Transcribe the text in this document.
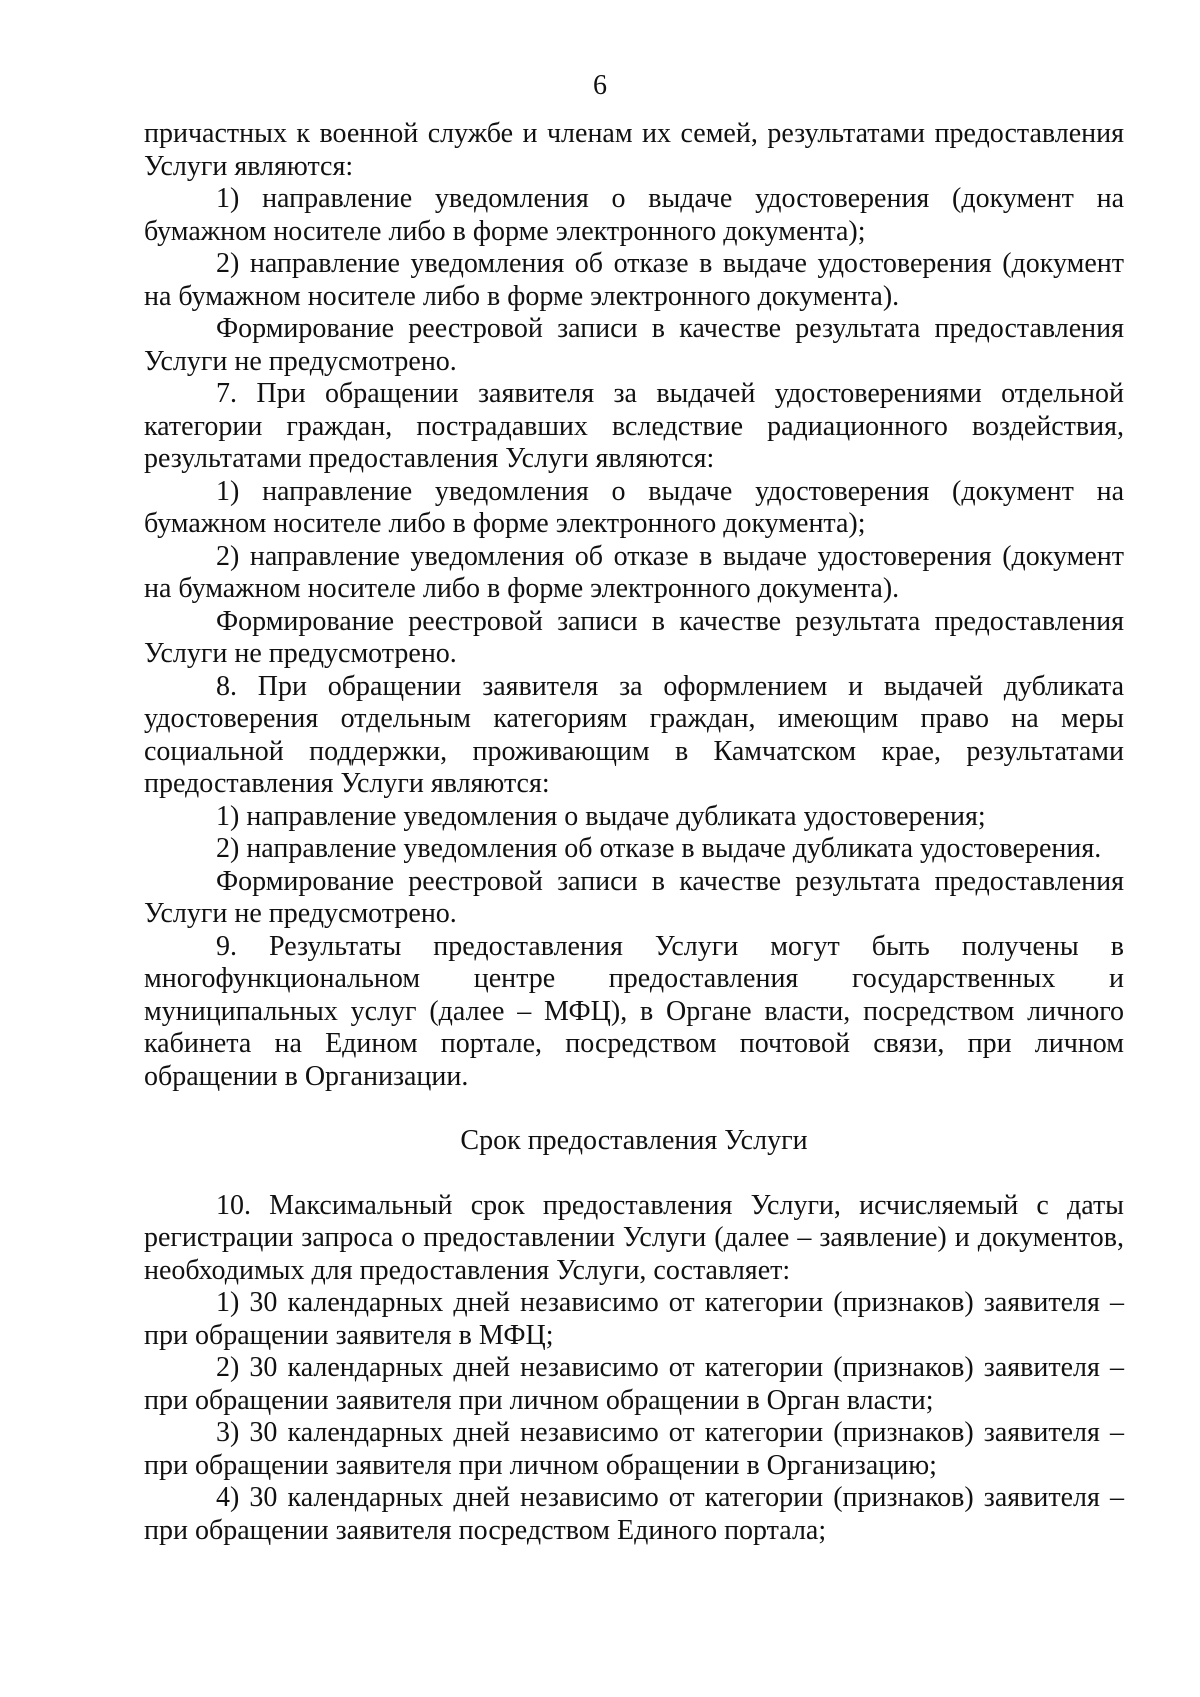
6

причастных к военной службе и членам их семей, результатами предоставления Услуги являются:

1) направление уведомления о выдаче удостоверения (документ на бумажном носителе либо в форме электронного документа);

2) направление уведомления об отказе в выдаче удостоверения (документ на бумажном носителе либо в форме электронного документа).

Формирование реестровой записи в качестве результата предоставления Услуги не предусмотрено.

7. При обращении заявителя за выдачей удостоверениями отдельной категории граждан, пострадавших вследствие радиационного воздействия, результатами предоставления Услуги являются:

1) направление уведомления о выдаче удостоверения (документ на бумажном носителе либо в форме электронного документа);

2) направление уведомления об отказе в выдаче удостоверения (документ на бумажном носителе либо в форме электронного документа).

Формирование реестровой записи в качестве результата предоставления Услуги не предусмотрено.

8. При обращении заявителя за оформлением и выдачей дубликата удостоверения отдельным категориям граждан, имеющим право на меры социальной поддержки, проживающим в Камчатском крае, результатами предоставления Услуги являются:

1) направление уведомления о выдаче дубликата удостоверения;

2) направление уведомления об отказе в выдаче дубликата удостоверения.

Формирование реестровой записи в качестве результата предоставления Услуги не предусмотрено.

9. Результаты предоставления Услуги могут быть получены в многофункциональном центре предоставления государственных и муниципальных услуг (далее – МФЦ), в Органе власти, посредством личного кабинета на Едином портале, посредством почтовой связи, при личном обращении в Организации.

Срок предоставления Услуги

10. Максимальный срок предоставления Услуги, исчисляемый с даты регистрации запроса о предоставлении Услуги (далее – заявление) и документов, необходимых для предоставления Услуги, составляет:

1) 30 календарных дней независимо от категории (признаков) заявителя – при обращении заявителя в МФЦ;

2) 30 календарных дней независимо от категории (признаков) заявителя – при обращении заявителя при личном обращении в Орган власти;

3) 30 календарных дней независимо от категории (признаков) заявителя – при обращении заявителя при личном обращении в Организацию;

4) 30 календарных дней независимо от категории (признаков) заявителя – при обращении заявителя посредством Единого портала;
